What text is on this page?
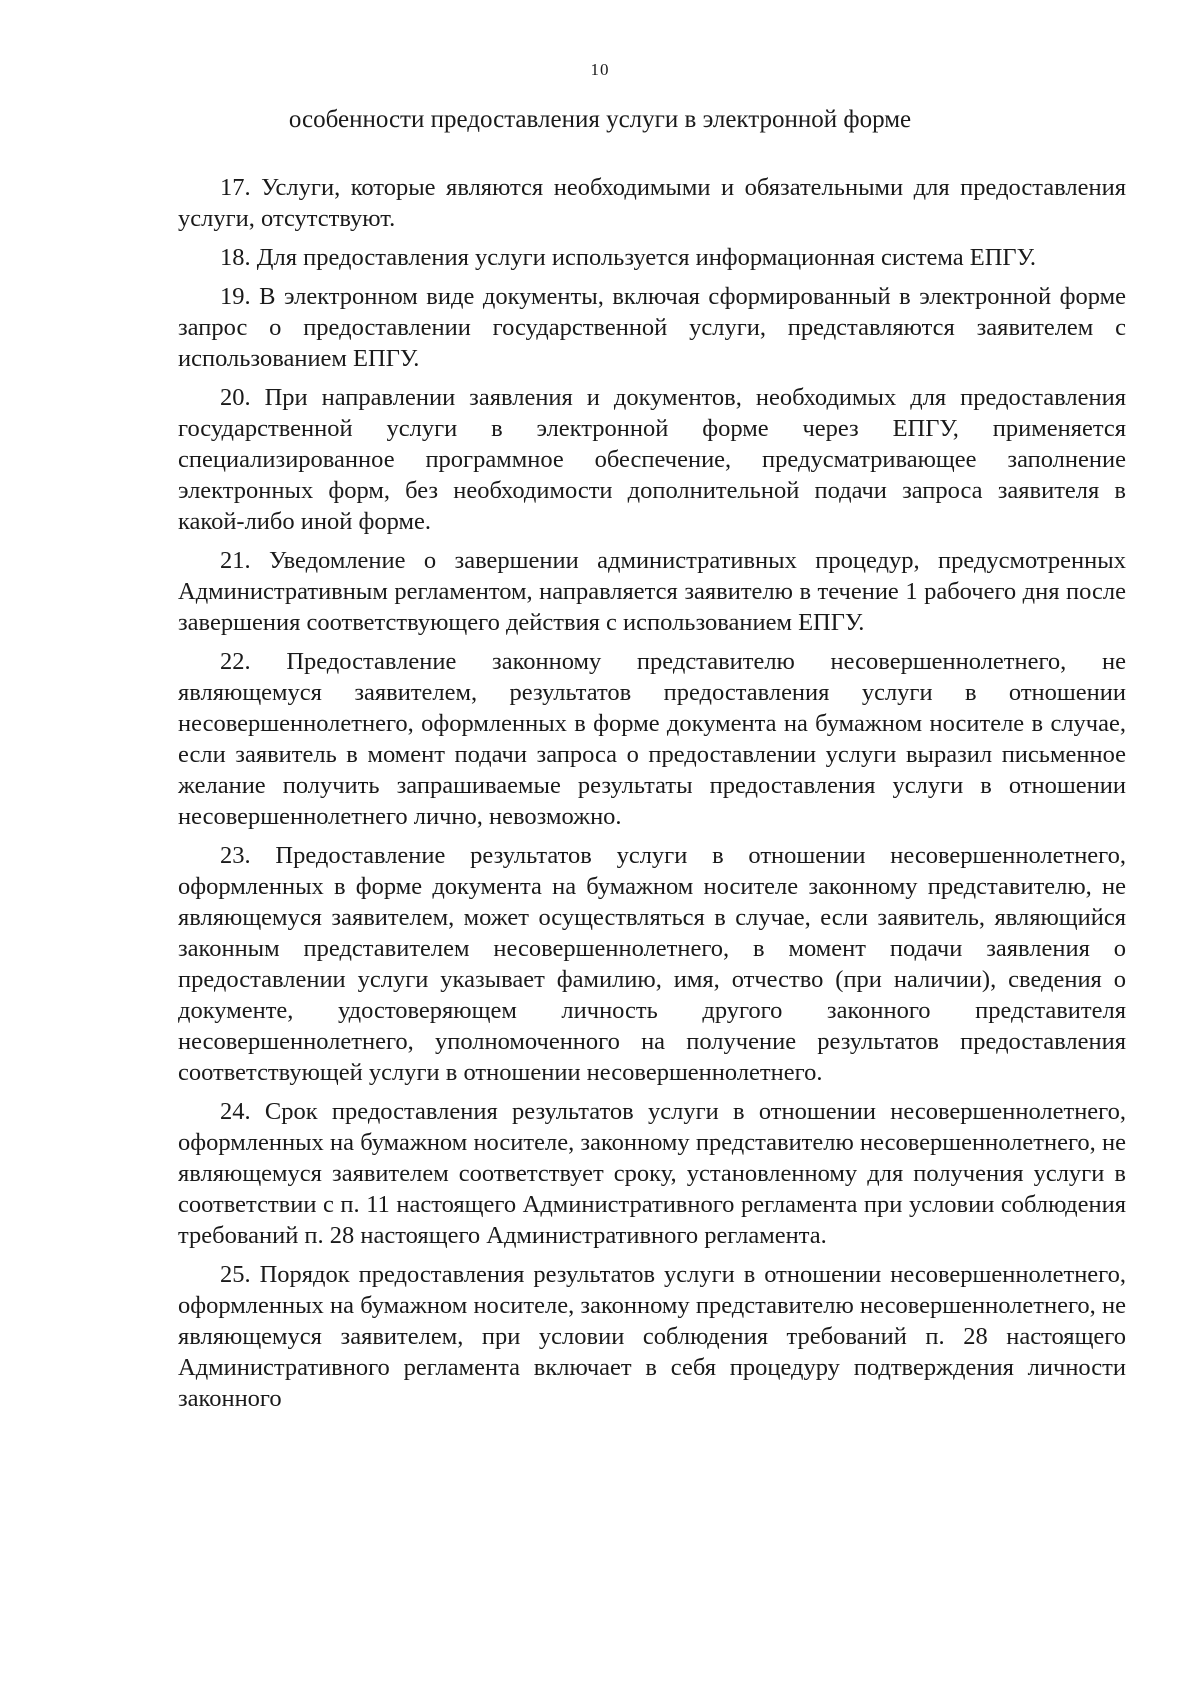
10
особенности предоставления услуги в электронной форме

17. Услуги, которые являются необходимыми и обязательными для предоставления услуги, отсутствуют.

18. Для предоставления услуги используется информационная система ЕПГУ.

19. В электронном виде документы, включая сформированный в электронной форме запрос о предоставлении государственной услуги, представляются заявителем с использованием ЕПГУ.

20. При направлении заявления и документов, необходимых для предоставления государственной услуги в электронной форме через ЕПГУ, применяется специализированное программное обеспечение, предусматривающее заполнение электронных форм, без необходимости дополнительной подачи запроса заявителя в какой-либо иной форме.

21. Уведомление о завершении административных процедур, предусмотренных Административным регламентом, направляется заявителю в течение 1 рабочего дня после завершения соответствующего действия с использованием ЕПГУ.

22. Предоставление законному представителю несовершеннолетнего, не являющемуся заявителем, результатов предоставления услуги в отношении несовершеннолетнего, оформленных в форме документа на бумажном носителе в случае, если заявитель в момент подачи запроса о предоставлении услуги выразил письменное желание получить запрашиваемые результаты предоставления услуги в отношении несовершеннолетнего лично, невозможно.

23. Предоставление результатов услуги в отношении несовершеннолетнего, оформленных в форме документа на бумажном носителе законному представителю, не являющемуся заявителем, может осуществляться в случае, если заявитель, являющийся законным представителем несовершеннолетнего, в момент подачи заявления о предоставлении услуги указывает фамилию, имя, отчество (при наличии), сведения о документе, удостоверяющем личность другого законного представителя несовершеннолетнего, уполномоченного на получение результатов предоставления соответствующей услуги в отношении несовершеннолетнего.

24. Срок предоставления результатов услуги в отношении несовершеннолетнего, оформленных на бумажном носителе, законному представителю несовершеннолетнего, не являющемуся заявителем соответствует сроку, установленному для получения услуги в соответствии с п. 11 настоящего Административного регламента при условии соблюдения требований п. 28 настоящего Административного регламента.

25. Порядок предоставления результатов услуги в отношении несовершеннолетнего, оформленных на бумажном носителе, законному представителю несовершеннолетнего, не являющемуся заявителем, при условии соблюдения требований п. 28 настоящего Административного регламента включает в себя процедуру подтверждения личности законного
